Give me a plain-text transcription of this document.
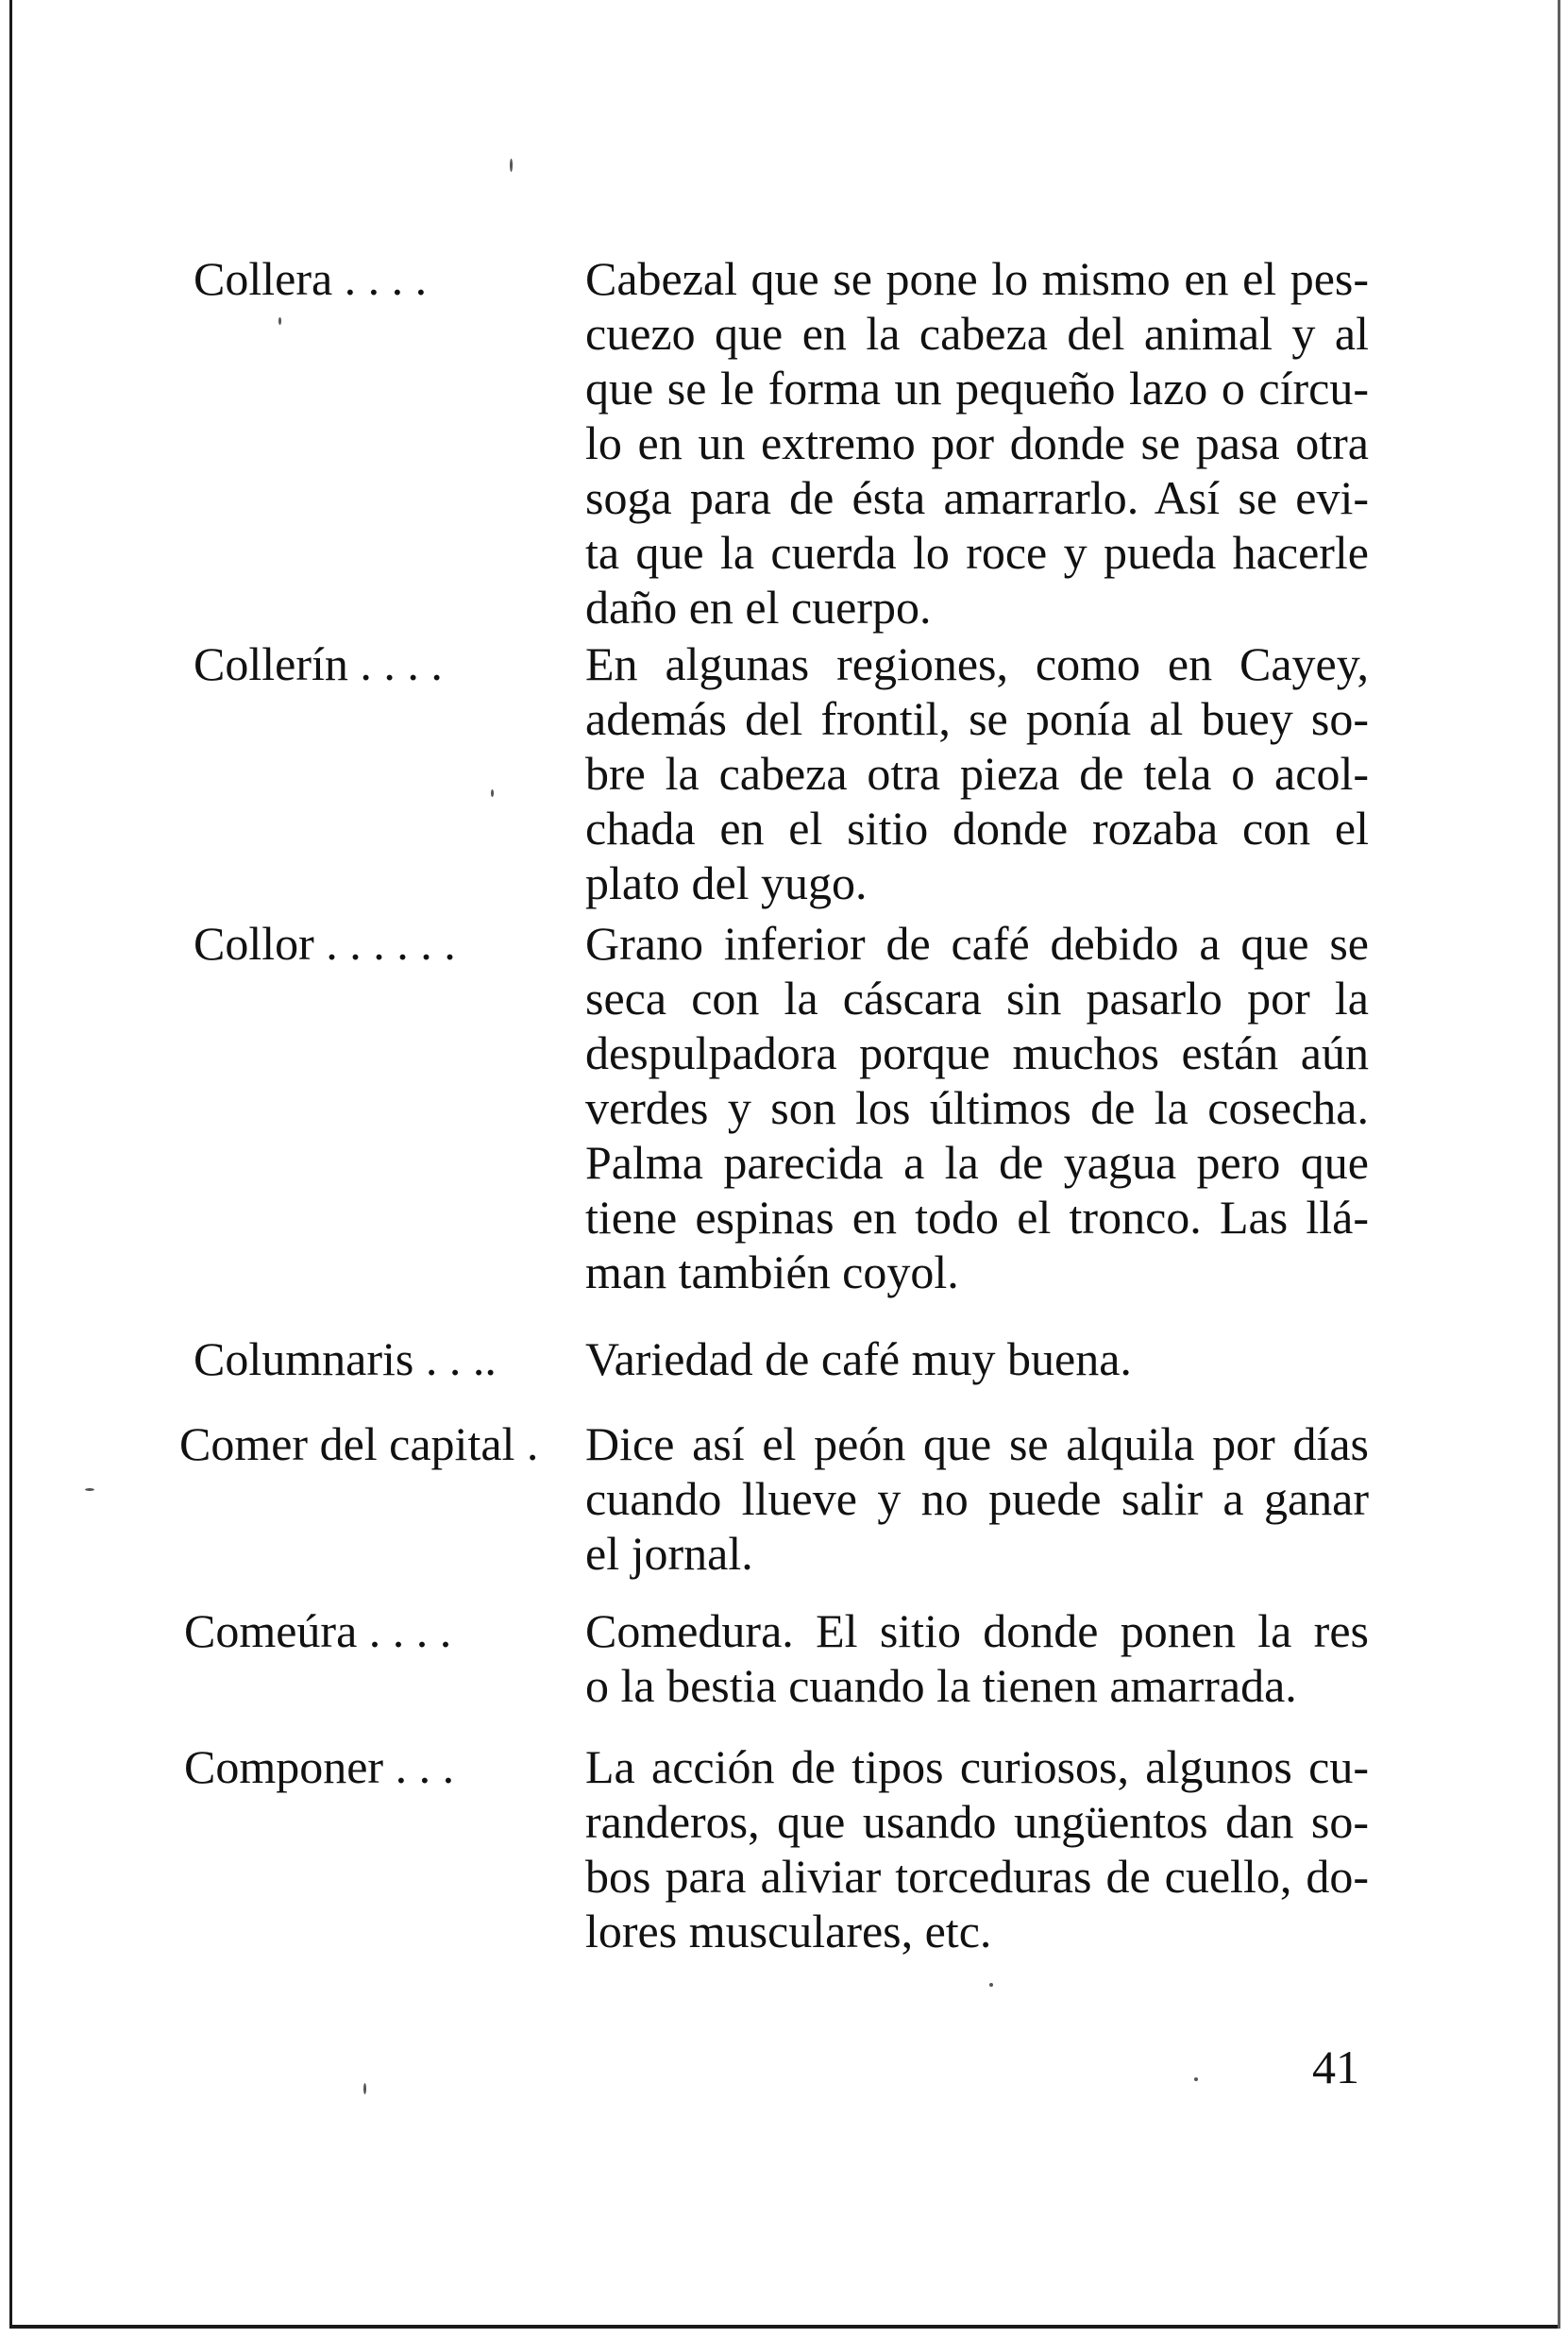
Collera . . . .	Cabezal que se pone lo mismo en el pes-
cuezo que en la cabeza del animal y al
que se le forma un pequeño lazo o círcu-
lo en un extremo por donde se pasa otra
soga para de ésta amarrarlo. Así se evi-
ta que la cuerda lo roce y pueda hacerle
daño en el cuerpo.
Collerín . . . .	En algunas regiones, como en Cayey,
además del frontil, se ponía al buey so-
bre la cabeza otra pieza de tela o acol-
chada en el sitio donde rozaba con el
plato del yugo.
Collor . . . . . .	Grano inferior de café debido a que se
seca con la cáscara sin pasarlo por la
despulpadora porque muchos están aún
verdes y son los últimos de la cosecha.
Palma parecida a la de yagua pero que
tiene espinas en todo el tronco. Las llá-
man también coyol.
Columnaris . . .. Variedad de café muy buena.
Comer del capital . Dice así el peón que se alquila por días
cuando llueve y no puede salir a ganar
el jornal.
Comeúra . . . .	Comedura. El sitio donde ponen la res
o la bestia cuando la tienen amarrada.
Componer . . .	La acción de tipos curiosos, algunos cu-
randeros, que usando ungüentos dan so-
bos para aliviar torceduras de cuello, do-
lores musculares, etc.
41
